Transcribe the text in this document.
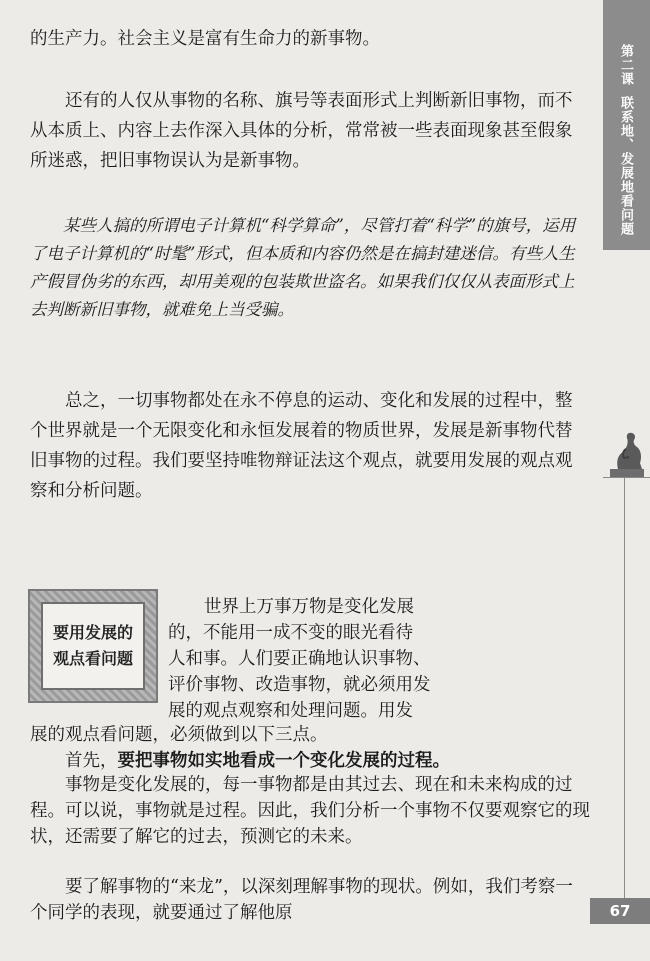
第二课联系地、发展地看问题
67

的生产力。社会主义是富有生命力的新事物。

还有的人仅从事物的名称、旗号等表面形式上判断新旧事物，而不从本质上、内容上去作深入具体的分析，常常被一些表面现象甚至假象所迷惑，把旧事物误认为是新事物。

某些人搞的所谓电子计算机“科学算命”，尽管打着“科学”的旗号，运用了电子计算机的“时髦”形式，但本质和内容仍然是在搞封建迷信。有些人生产假冒伪劣的东西，却用美观的包装欺世盗名。如果我们仅仅从表面形式上去判断新旧事物，就难免上当受骗。

总之，一切事物都处在永不停息的运动、变化和发展的过程中，整个世界就是一个无限变化和永恒发展着的物质世界，发展是新事物代替旧事物的过程。我们要坚持唯物辩证法这个观点，就要用发展的观点观察和分析问题。

要用发展的
观点看问题
世界上万事万物是变化发展
的，不能用一成不变的眼光看待
人和事。人们要正确地认识事物、
评价事物、改造事物，就必须用发
展的观点观察和处理问题。用发
展的观点看问题，必须做到以下三点。
首先，要把事物如实地看成一个变化发展的过程。

事物是变化发展的，每一事物都是由其过去、现在和未来构成的过程。可以说，事物就是过程。因此，我们分析一个事物不仅要观察它的现状，还需要了解它的过去，预测它的未来。

要了解事物的“来龙”，以深刻理解事物的现状。例如，我们考察一个同学的表现，就要通过了解他原
